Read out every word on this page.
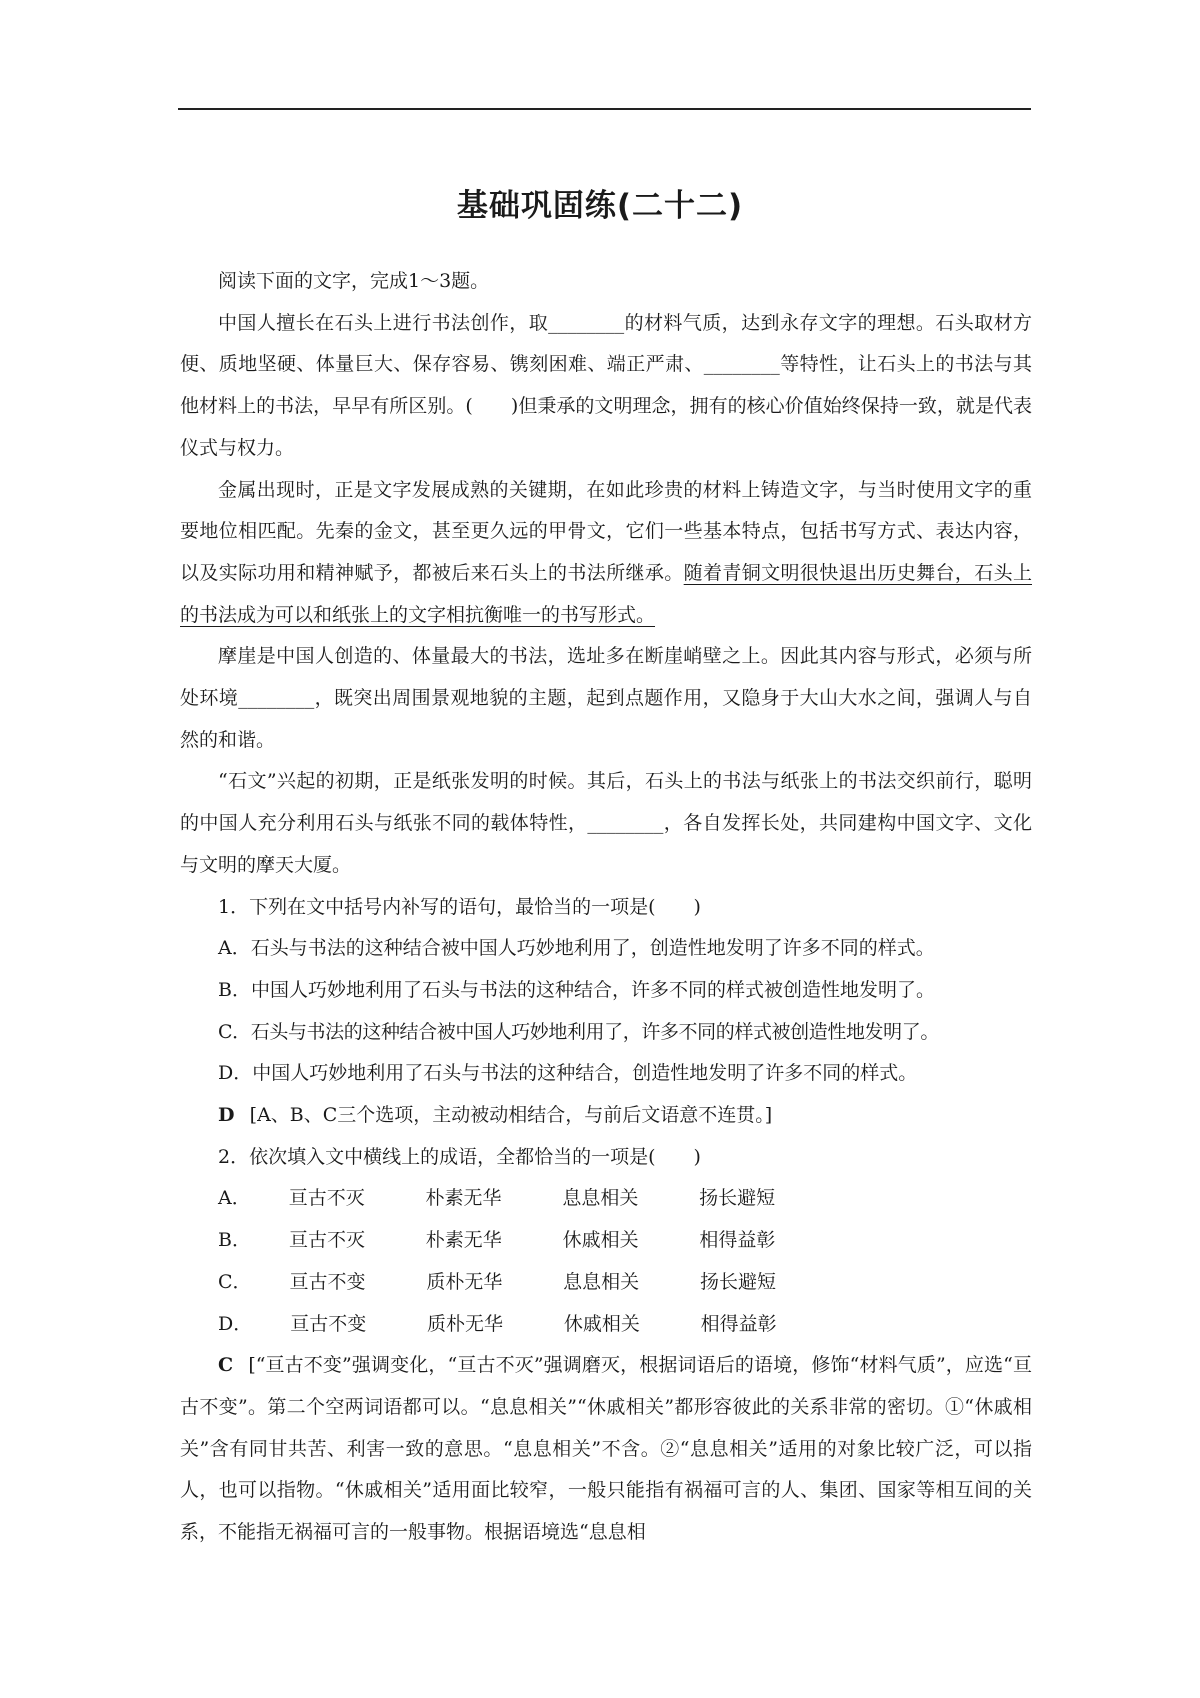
基础巩固练(二十二)

阅读下面的文字，完成1～3题。

中国人擅长在石头上进行书法创作，取________的材料气质，达到永存文字的理想。石头取材方便、质地坚硬、体量巨大、保存容易、镌刻困难、端正严肃、________等特性，让石头上的书法与其他材料上的书法，早早有所区别。(　　)但秉承的文明理念，拥有的核心价值始终保持一致，就是代表仪式与权力。

金属出现时，正是文字发展成熟的关键期，在如此珍贵的材料上铸造文字，与当时使用文字的重要地位相匹配。先秦的金文，甚至更久远的甲骨文，它们一些基本特点，包括书写方式、表达内容，以及实际功用和精神赋予，都被后来石头上的书法所继承。随着青铜文明很快退出历史舞台，石头上的书法成为可以和纸张上的文字相抗衡唯一的书写形式。

摩崖是中国人创造的、体量最大的书法，选址多在断崖峭壁之上。因此其内容与形式，必须与所处环境________，既突出周围景观地貌的主题，起到点题作用，又隐身于大山大水之间，强调人与自然的和谐。

“石文”兴起的初期，正是纸张发明的时候。其后，石头上的书法与纸张上的书法交织前行，聪明的中国人充分利用石头与纸张不同的载体特性，________，各自发挥长处，共同建构中国文字、文化与文明的摩天大厦。

1．下列在文中括号内补写的语句，最恰当的一项是(　　)

A．石头与书法的这种结合被中国人巧妙地利用了，创造性地发明了许多不同的样式。

B．中国人巧妙地利用了石头与书法的这种结合，许多不同的样式被创造性地发明了。

C．石头与书法的这种结合被中国人巧妙地利用了，许多不同的样式被创造性地发明了。

D．中国人巧妙地利用了石头与书法的这种结合，创造性地发明了许多不同的样式。

D [A、B、C三个选项，主动被动相结合，与前后文语意不连贯。]

2．依次填入文中横线上的成语，全都恰当的一项是(　　)

A． 亘古不灭	朴素无华	息息相关	扬长避短

B． 亘古不灭	朴素无华	休戚相关	相得益彰

C． 亘古不变	质朴无华	息息相关	扬长避短

D． 亘古不变	质朴无华	休戚相关	相得益彰

C [“亘古不变”强调变化，“亘古不灭”强调磨灭，根据词语后的语境，修饰“材料气质”，应选“亘古不变”。第二个空两词语都可以。“息息相关”“休戚相关”都形容彼此的关系非常的密切。①“休戚相关”含有同甘共苦、利害一致的意思。“息息相关”不含。②“息息相关”适用的对象比较广泛，可以指人，也可以指物。“休戚相关”适用面比较窄，一般只能指有祸福可言的人、集团、国家等相互间的关系，不能指无祸福可言的一般事物。根据语境选“息息相
